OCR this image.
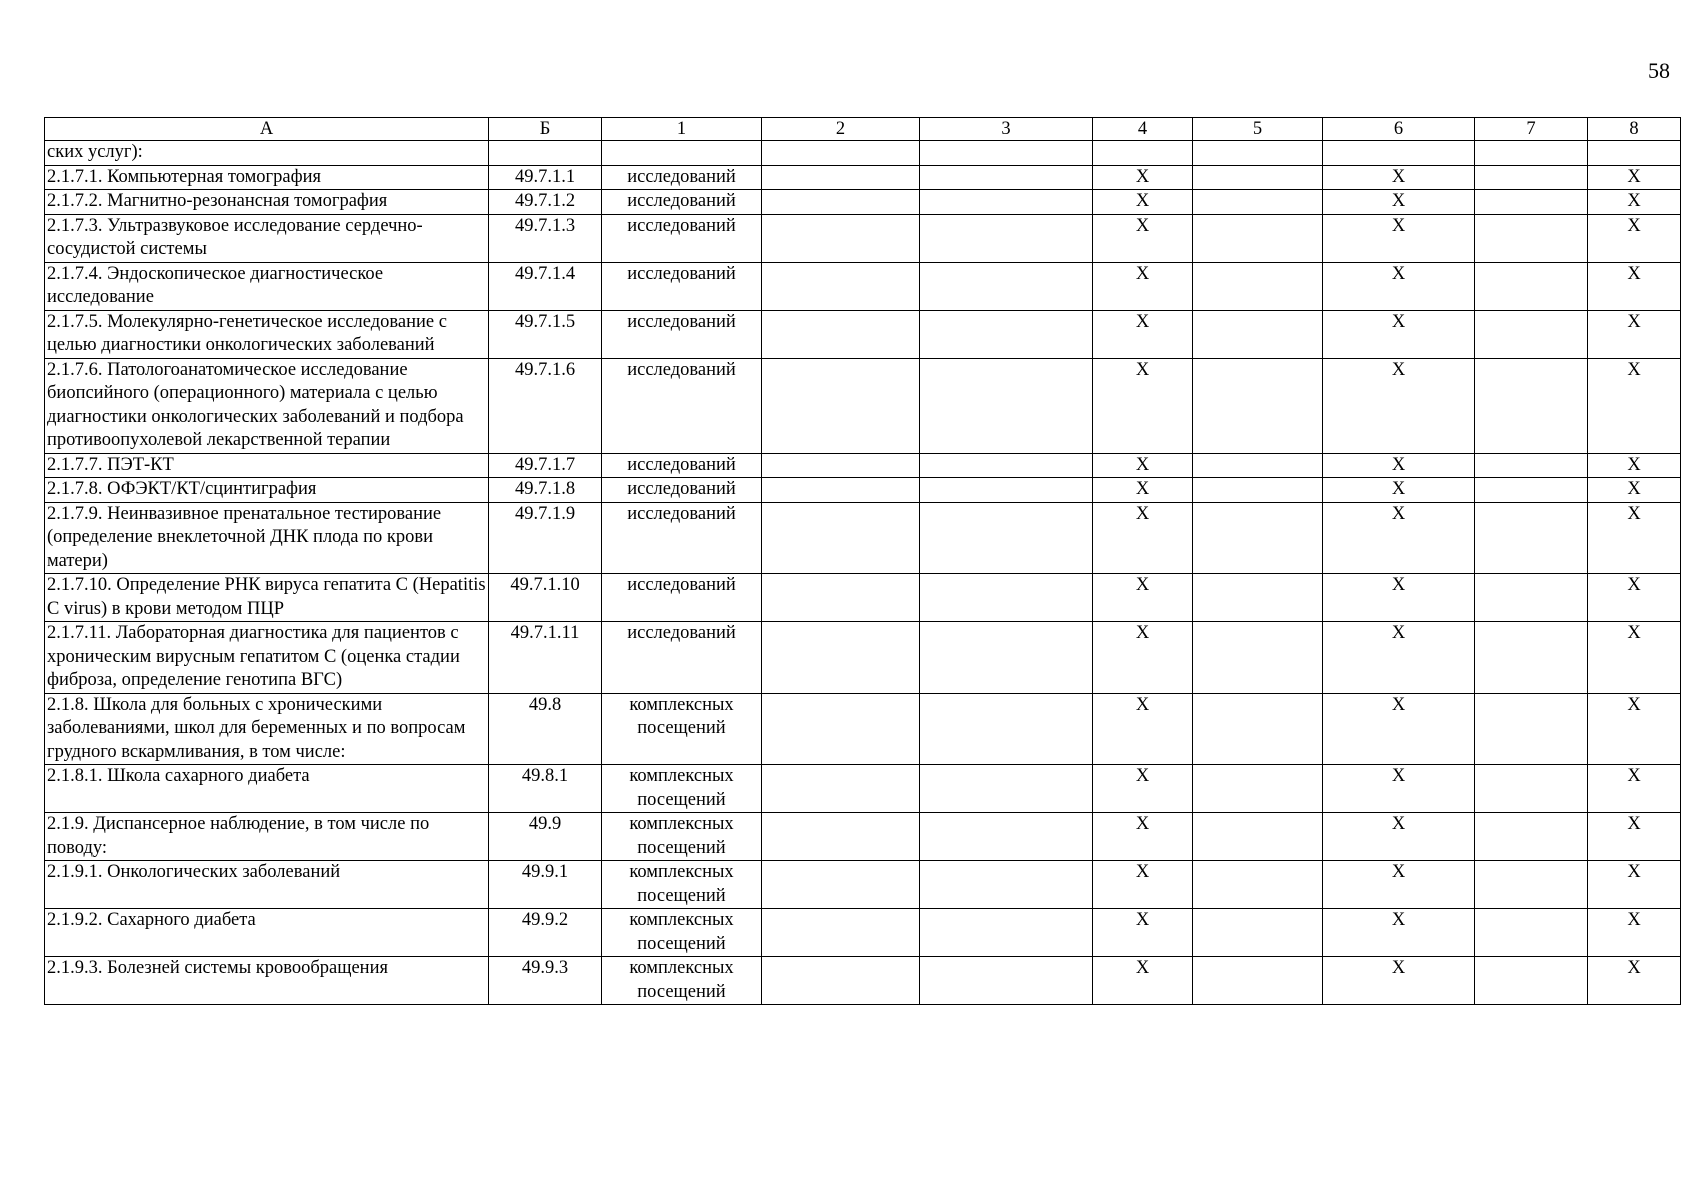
58
А	Б	1	2	3	4	5	6	7	8
ских услуг):									
2.1.7.1. Компьютерная томография	49.7.1.1	исследований			X		X		X
2.1.7.2. Магнитно-резонансная томография	49.7.1.2	исследований			X		X		X
2.1.7.3. Ультразвуковое исследование сердечно-сосудистой системы	49.7.1.3	исследований			X		X		X
2.1.7.4. Эндоскопическое диагностическое исследование	49.7.1.4	исследований			X		X		X
2.1.7.5. Молекулярно-генетическое исследование с целью диагностики онкологических заболеваний	49.7.1.5	исследований			X		X		X
2.1.7.6. Патологоанатомическое исследование биопсийного (операционного) материала с целью диагностики онкологических заболеваний и подбора противоопухолевой лекарственной терапии	49.7.1.6	исследований			X		X		X
2.1.7.7. ПЭТ-КТ	49.7.1.7	исследований			X		X		X
2.1.7.8. ОФЭКТ/КТ/сцинтиграфия	49.7.1.8	исследований			X		X		X
2.1.7.9. Неинвазивное пренатальное тестирование (определение внеклеточной ДНК плода по крови матери)	49.7.1.9	исследований			X		X		X
2.1.7.10. Определение РНК вируса гепатита С (Hepatitis C virus) в крови методом ПЦР	49.7.1.10	исследований			X		X		X
2.1.7.11. Лабораторная диагностика для пациентов с хроническим вирусным гепатитом С (оценка стадии фиброза, определение генотипа ВГС)	49.7.1.11	исследований			X		X		X
2.1.8. Школа для больных с хроническими заболеваниями, школ для беременных и по вопросам грудного вскармливания, в том числе:	49.8	комплексных посещений			X		X		X
2.1.8.1. Школа сахарного диабета	49.8.1	комплексных посещений			X		X		X
2.1.9. Диспансерное наблюдение, в том числе по поводу:	49.9	комплексных посещений			X		X		X
2.1.9.1. Онкологических заболеваний	49.9.1	комплексных посещений			X		X		X
2.1.9.2. Сахарного диабета	49.9.2	комплексных посещений			X		X		X
2.1.9.3. Болезней системы кровообращения	49.9.3	комплексных посещений			X		X		X
